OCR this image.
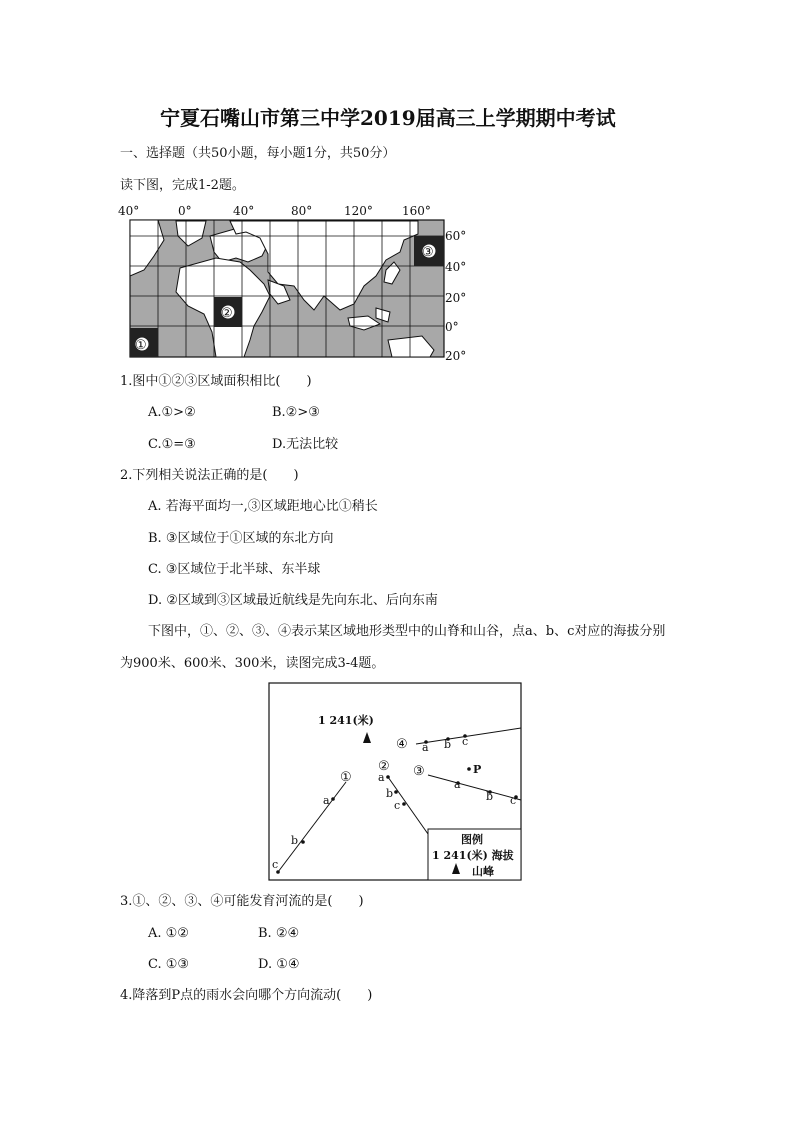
宁夏石嘴山市第三中学2019届高三上学期期中考试
一、选择题（共50小题，每小题1分，共50分）
读下图，完成1-2题。
40°	0°	40°	80°	120° 160°
60°
40°
20°
0°
20°
①
②
③
1.图中①②③区域面积相比(　　)
A.①>②	B.②>③
C.①=③	D.无法比较
2.下列相关说法正确的是(　　)
A. 若海平面均一,③区域距地心比①稍长
B. ③区域位于①区域的东北方向
C. ③区域位于北半球、东半球
D. ②区域到③区域最近航线是先向东北、后向东南
下图中，①、②、③、④表示某区域地形类型中的山脊和山谷，点a、b、c对应的海拔分别
为900米、600米、300米，读图完成3-4题。
1 241(米)
①
a
b
c
②
a
b
c
③
a
b c
P
④ a b c
图例
1 241(米) 海拔
山峰
3.①、②、③、④可能发育河流的是(　　)
A. ①②	B. ②④
C. ①③	D. ①④
4.降落到P点的雨水会向哪个方向流动(　　)
